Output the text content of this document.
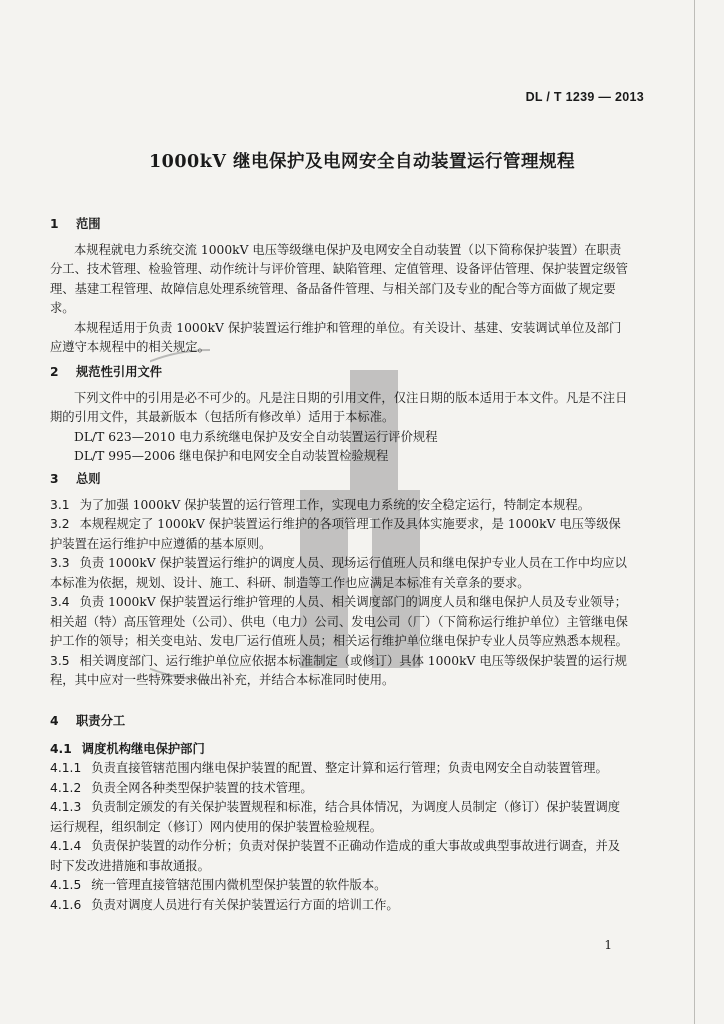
DL / T 1239 — 2013
1000kV 继电保护及电网安全自动装置运行管理规程

1 范围

本规程就电力系统交流 1000kV 电压等级继电保护及电网安全自动装置（以下简称保护装置）在职责分工、技术管理、检验管理、动作统计与评价管理、缺陷管理、定值管理、设备评估管理、保护装置定级管理、基建工程管理、故障信息处理系统管理、备品备件管理、与相关部门及专业的配合等方面做了规定要求。

本规程适用于负责 1000kV 保护装置运行维护和管理的单位。有关设计、基建、安装调试单位及部门应遵守本规程中的相关规定。

2 规范性引用文件

下列文件中的引用是必不可少的。凡是注日期的引用文件，仅注日期的版本适用于本文件。凡是不注日期的引用文件，其最新版本（包括所有修改单）适用于本标准。

DL/T 623—2010 电力系统继电保护及安全自动装置运行评价规程

DL/T 995—2006 继电保护和电网安全自动装置检验规程

3 总则

3.1 为了加强 1000kV 保护装置的运行管理工作，实现电力系统的安全稳定运行，特制定本规程。

3.2 本规程规定了 1000kV 保护装置运行维护的各项管理工作及具体实施要求，是 1000kV 电压等级保护装置在运行维护中应遵循的基本原则。

3.3 负责 1000kV 保护装置运行维护的调度人员、现场运行值班人员和继电保护专业人员在工作中均应以本标准为依据，规划、设计、施工、科研、制造等工作也应满足本标准有关章条的要求。

3.4 负责 1000kV 保护装置运行维护管理的人员、相关调度部门的调度人员和继电保护人员及专业领导；相关超（特）高压管理处（公司）、供电（电力）公司、发电公司（厂）（下简称运行维护单位）主管继电保护工作的领导；相关变电站、发电厂运行值班人员；相关运行维护单位继电保护专业人员等应熟悉本规程。

3.5 相关调度部门、运行维护单位应依据本标准制定（或修订）具体 1000kV 电压等级保护装置的运行规程，其中应对一些特殊要求做出补充，并结合本标准同时使用。

4 职责分工

4.1 调度机构继电保护部门

4.1.1 负责直接管辖范围内继电保护装置的配置、整定计算和运行管理；负责电网安全自动装置管理。

4.1.2 负责全网各种类型保护装置的技术管理。

4.1.3 负责制定颁发的有关保护装置规程和标准，结合具体情况，为调度人员制定（修订）保护装置调度运行规程，组织制定（修订）网内使用的保护装置检验规程。

4.1.4 负责保护装置的动作分析；负责对保护装置不正确动作造成的重大事故或典型事故进行调查，并及时下发改进措施和事故通报。

4.1.5 统一管理直接管辖范围内微机型保护装置的软件版本。

4.1.6 负责对调度人员进行有关保护装置运行方面的培训工作。

1
